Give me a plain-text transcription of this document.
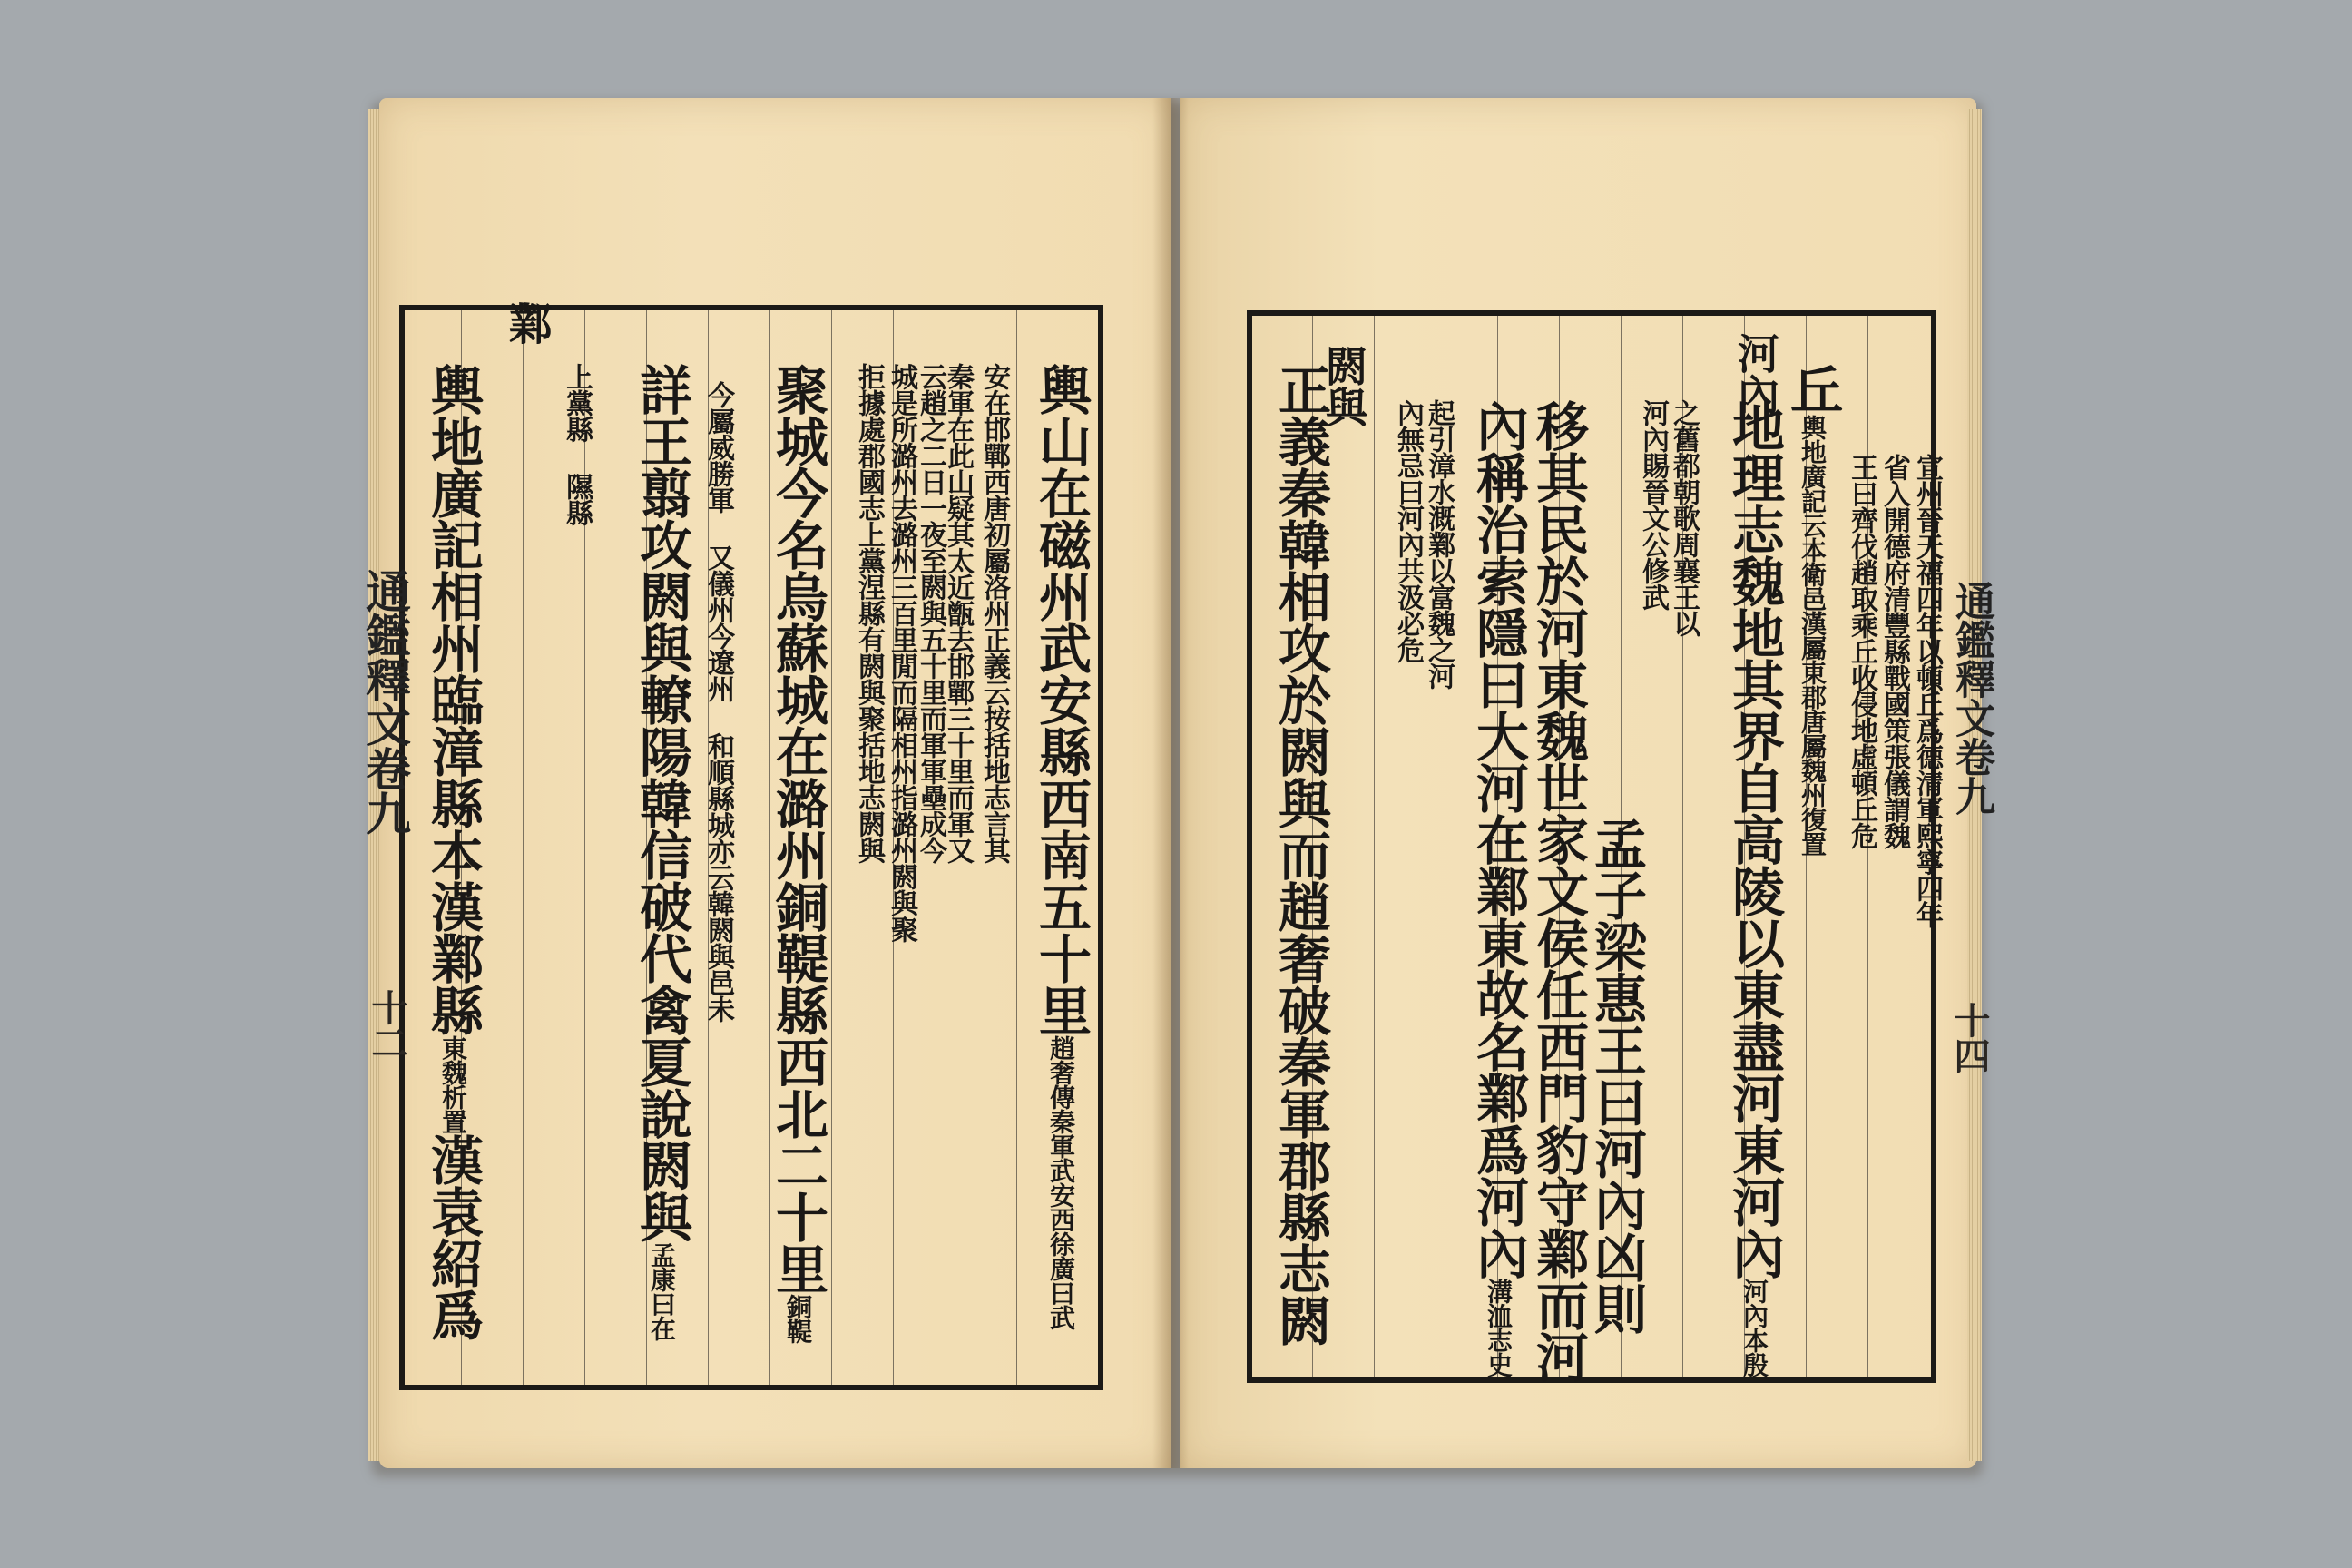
通鑑釋文卷九
十二
鄴
輿山在磁州武安縣西南五十里趙奢傳秦軍武安西徐廣曰武
安在邯鄲西唐初屬洛州正義云按括地志言其
秦軍在此山疑其太近甑去邯鄲三十里而軍又
云趙之二日一夜至閼與五十里而軍軍壘成今
城是所潞州去潞州三百里閒而隔相州指潞州閼與聚
拒據處郡國志上黨涅縣有閼與聚括地志閼與
聚城今名烏蘇城在潞州銅鞮縣西北二十里銅鞮
今屬威勝軍 又儀州今遼州 和順縣城亦云韓閼與邑未
上黨縣 隰縣 詳王翦攻閼與轑陽韓信破代禽夏說閼與孟康曰在
輿地廣記相州臨漳縣本漢鄴縣東魏析置漢袁紹爲
通鑑釋文卷九
十四
河內
閼與
王曰齊伐趙取乘丘收侵地虛頓丘危 省入開德府清豐縣戰國策張儀謂魏 宣州晉天福四年以頓丘爲德清軍熙寧四年
丘輿地廣記云本衛邑漢屬東郡唐屬魏州復置
地理志魏地其界自高陵以東盡河東河內河內本殷
之舊都朝歌周襄王以
河內賜晉文公修武
孟子梁惠王曰河內凶則
移其民於河東魏世家文侯任西門豹守鄴而河
內稱治索隱曰大河在鄴東故名鄴爲河內溝洫志史
起引漳水溉鄴以富魏之河
內無忌曰河內共汲必危
正義秦韓相攻於閼與而趙奢破秦軍郡縣志閼
